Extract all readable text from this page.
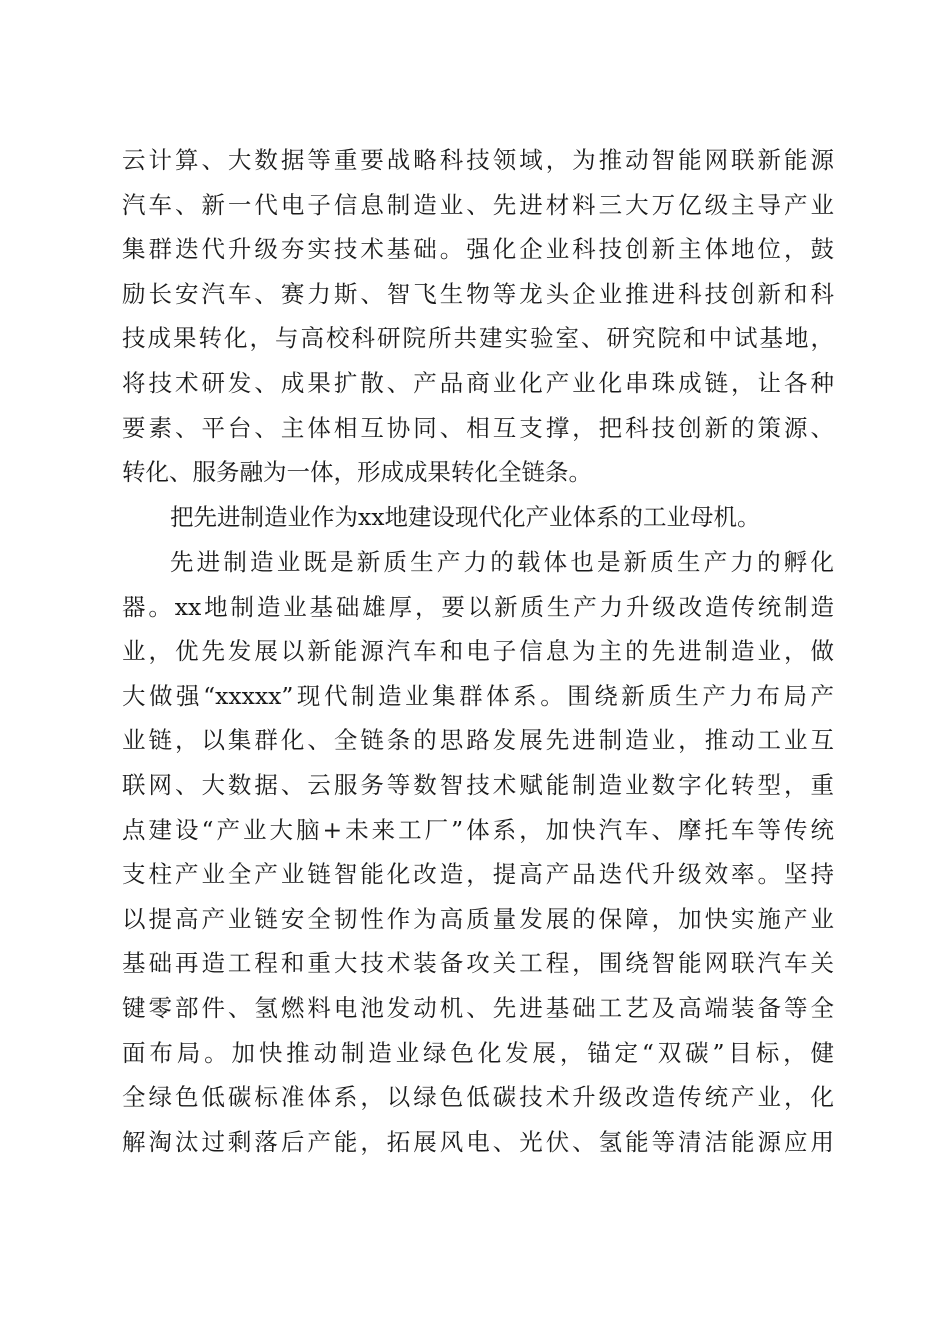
云计算、大数据等重要战略科技领域，为推动智能网联新能源
汽车、新一代电子信息制造业、先进材料三大万亿级主导产业
集群迭代升级夯实技术基础。强化企业科技创新主体地位，鼓
励长安汽车、赛力斯、智飞生物等龙头企业推进科技创新和科
技成果转化，与高校科研院所共建实验室、研究院和中试基地，
将技术研发、成果扩散、产品商业化产业化串珠成链，让各种
要素、平台、主体相互协同、相互支撑，把科技创新的策源、
转化、服务融为一体，形成成果转化全链条。
把先进制造业作为xx地建设现代化产业体系的工业母机。
先进制造业既是新质生产力的载体也是新质生产力的孵化
器。xx地制造业基础雄厚，要以新质生产力升级改造传统制造
业，优先发展以新能源汽车和电子信息为主的先进制造业，做
大做强“xxxxx”现代制造业集群体系。围绕新质生产力布局产
业链，以集群化、全链条的思路发展先进制造业，推动工业互
联网、大数据、云服务等数智技术赋能制造业数字化转型，重
点建设“产业大脑+未来工厂”体系，加快汽车、摩托车等传统
支柱产业全产业链智能化改造，提高产品迭代升级效率。坚持
以提高产业链安全韧性作为高质量发展的保障，加快实施产业
基础再造工程和重大技术装备攻关工程，围绕智能网联汽车关
键零部件、氢燃料电池发动机、先进基础工艺及高端装备等全
面布局。加快推动制造业绿色化发展，锚定“双碳”目标，健
全绿色低碳标准体系，以绿色低碳技术升级改造传统产业，化
解淘汰过剩落后产能，拓展风电、光伏、氢能等清洁能源应用
